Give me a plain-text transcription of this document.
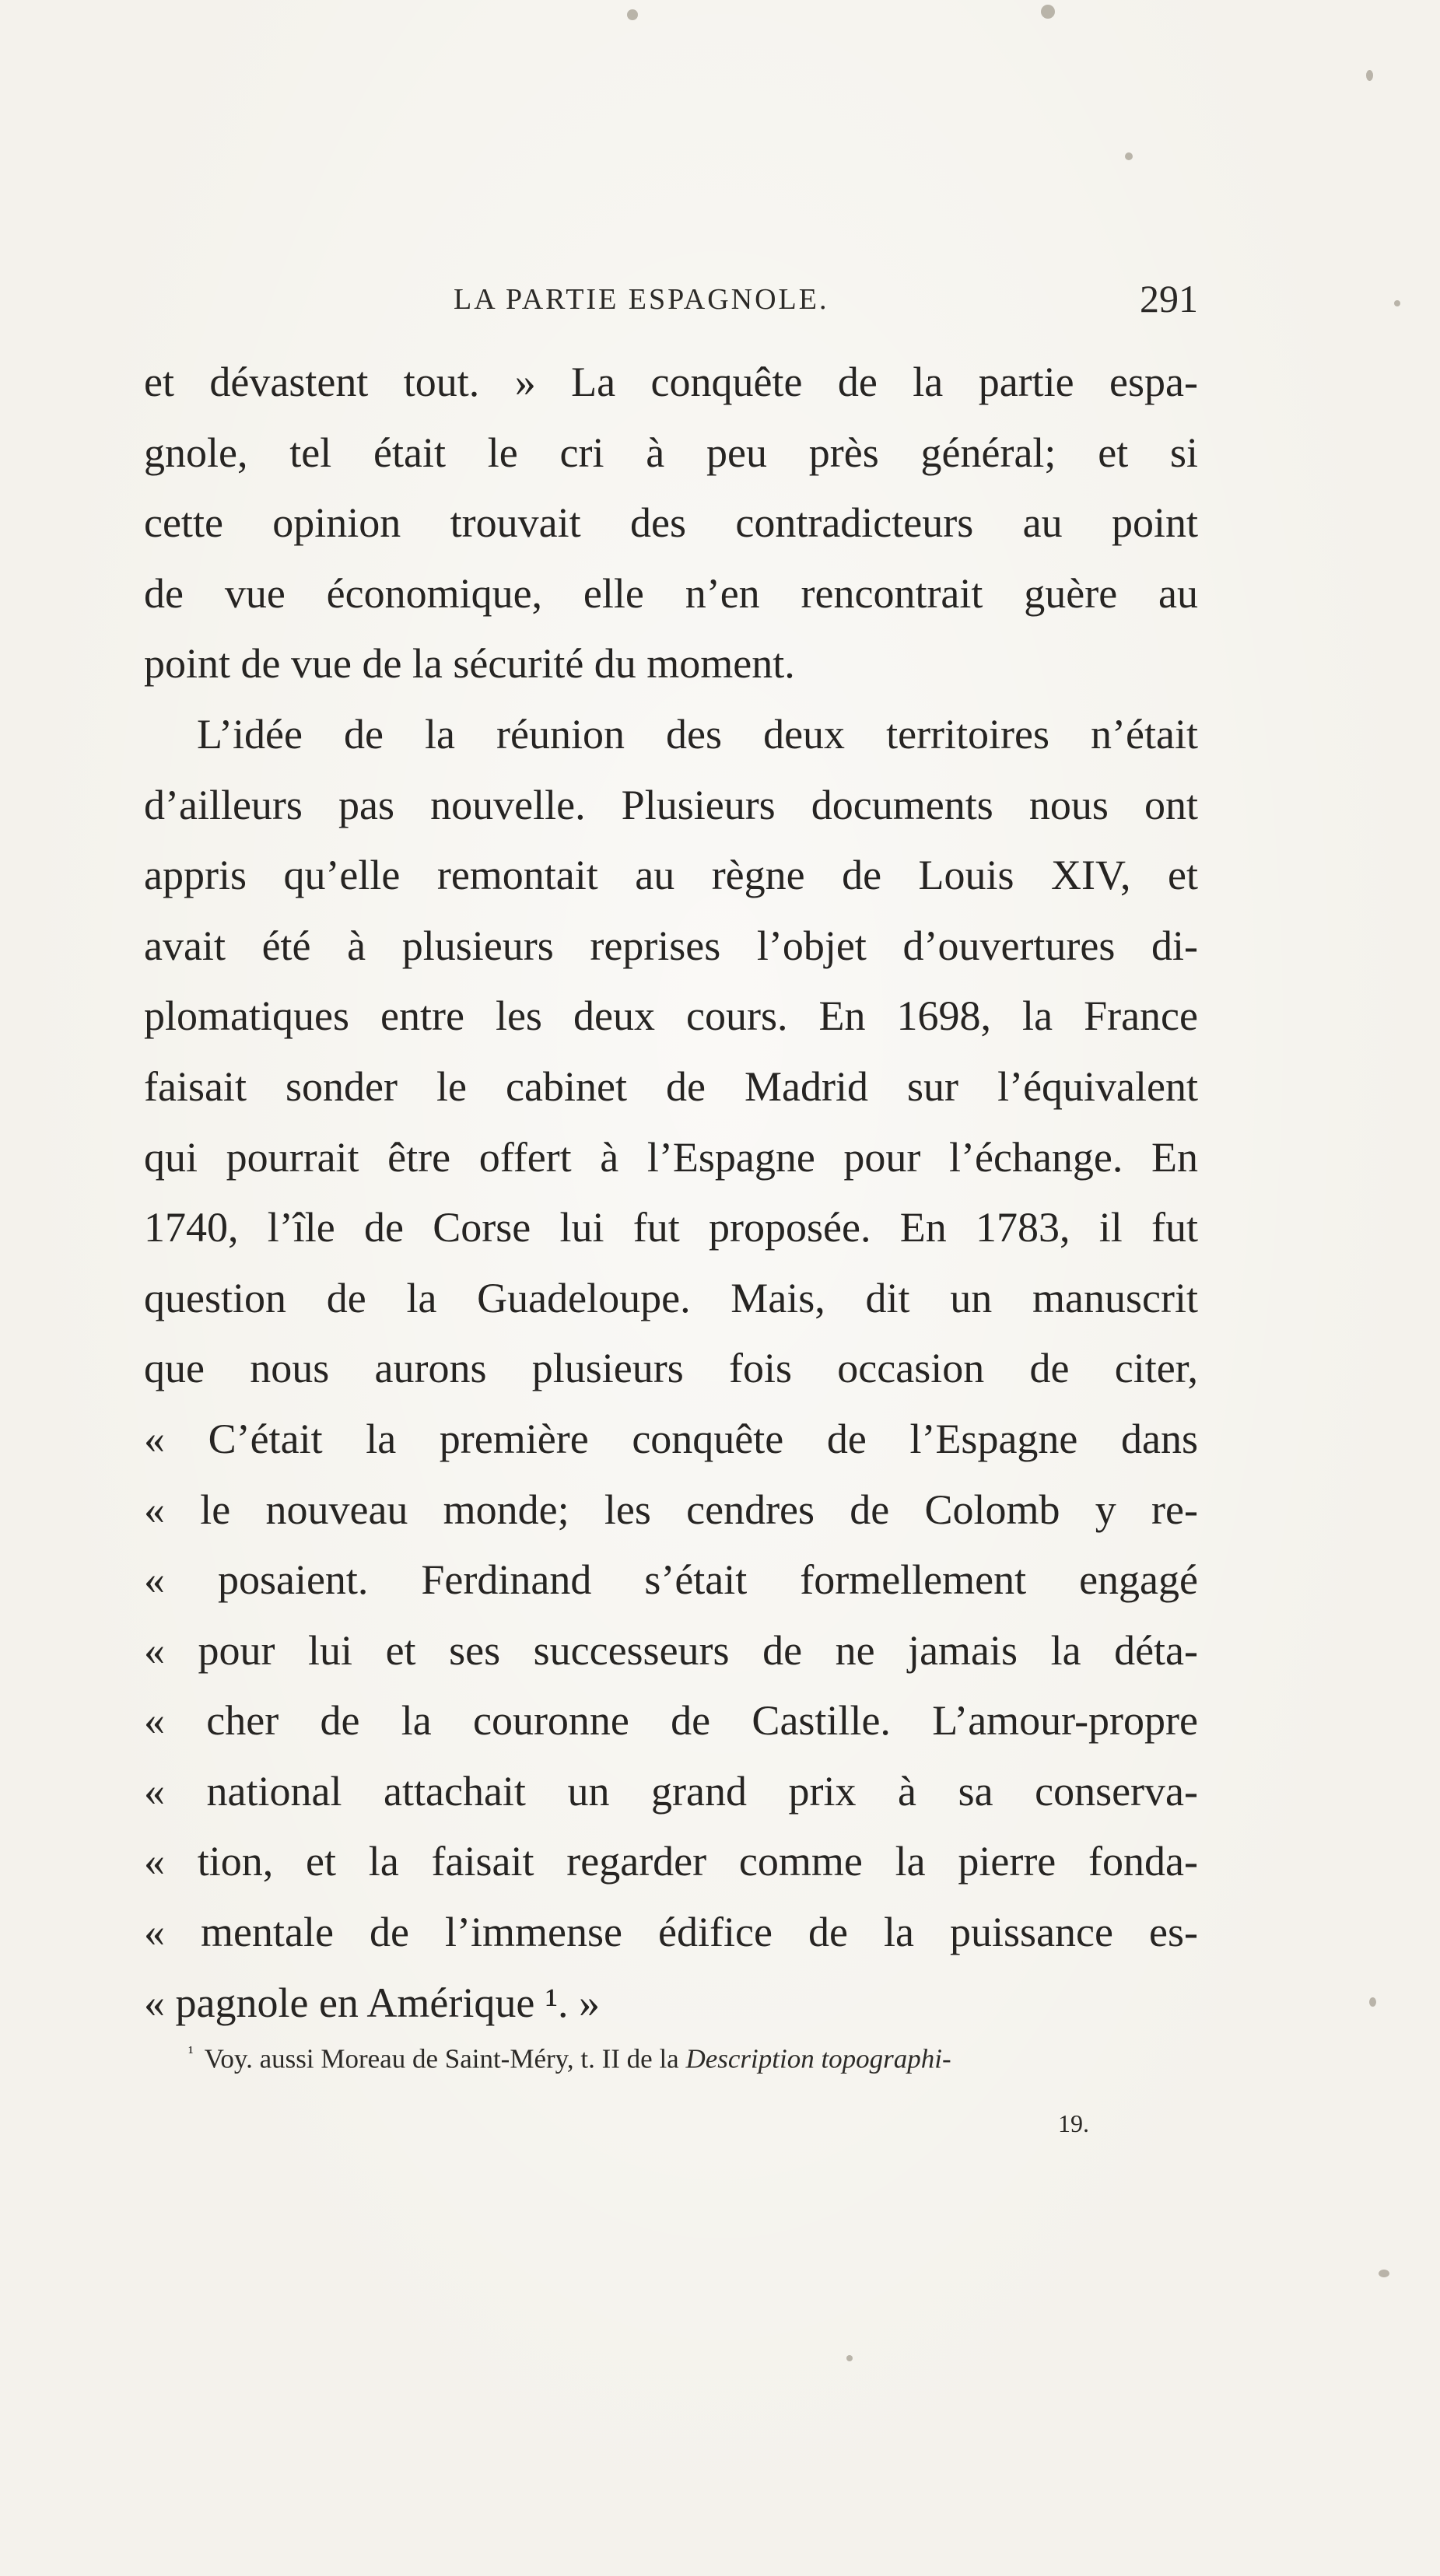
LA PARTIE ESPAGNOLE.	291
et dévastent tout. » La conquête de la partie espa-
gnole, tel était le cri à peu près général; et si
cette opinion trouvait des contradicteurs au point
de vue économique, elle n’en rencontrait guère au
point de vue de la sécurité du moment.
L’idée de la réunion des deux territoires n’était
d’ailleurs pas nouvelle. Plusieurs documents nous ont
appris qu’elle remontait au règne de Louis XIV, et
avait été à plusieurs reprises l’objet d’ouvertures di-
plomatiques entre les deux cours. En 1698, la France
faisait sonder le cabinet de Madrid sur l’équivalent
qui pourrait être offert à l’Espagne pour l’échange. En
1740, l’île de Corse lui fut proposée. En 1783, il fut
question de la Guadeloupe. Mais, dit un manuscrit
que nous aurons plusieurs fois occasion de citer,
« C’était la première conquête de l’Espagne dans
« le nouveau monde; les cendres de Colomb y re-
« posaient. Ferdinand s’était formellement engagé
« pour lui et ses successeurs de ne jamais la déta-
« cher de la couronne de Castille. L’amour-propre
« national attachait un grand prix à sa conserva-
« tion, et la faisait regarder comme la pierre fonda-
« mentale de l’immense édifice de la puissance es-
« pagnole en Amérique ¹. »
$^{^1}$ Voy. aussi Moreau de Saint-Méry, t. II de la Description topographi-
19.
